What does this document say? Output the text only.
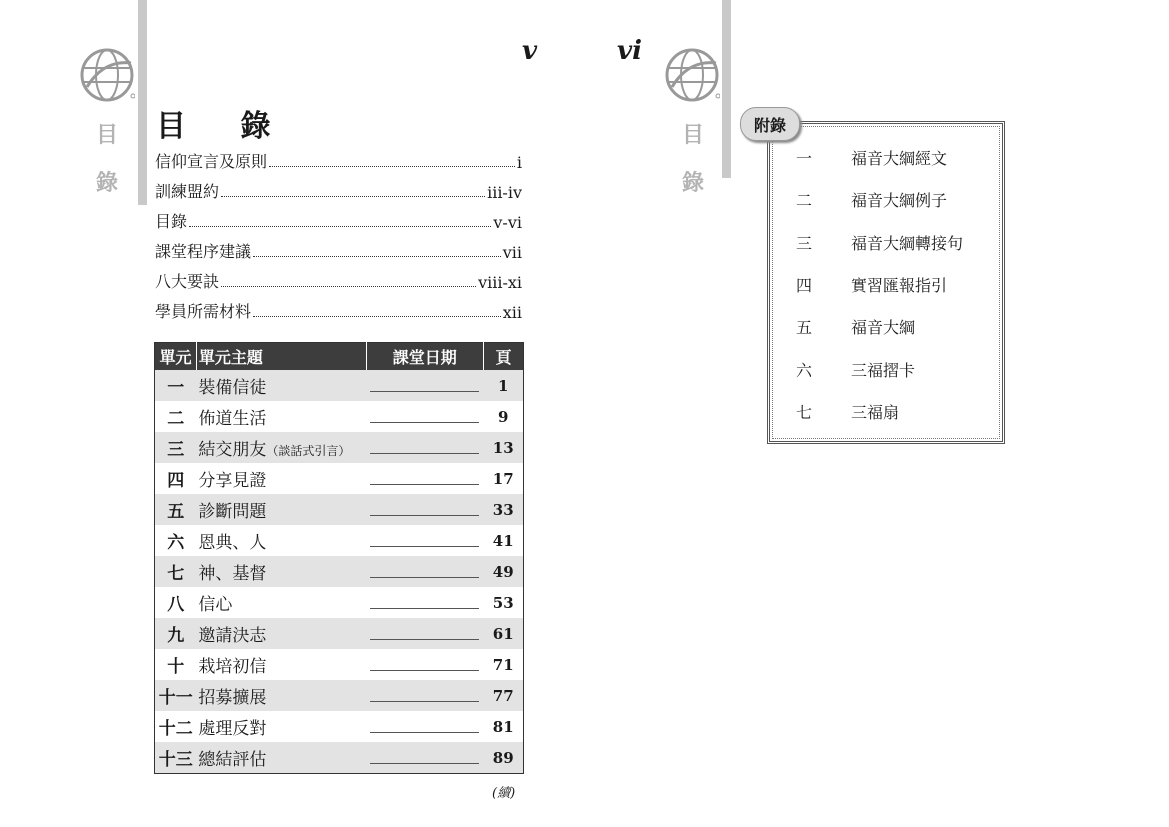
目
錄
v
目 錄
信仰宣言及原則	i
訓練盟約	iii-iv
目錄	v-vi
課堂程序建議	vii
八大要訣	viii-xi
學員所需材料	xii
單元	單元主題	課堂日期	頁
一	裝備信徒		1
二	佈道生活		9
三	結交朋友（談話式引言）		13
四	分享見證		17
五	診斷問題		33
六	恩典、人		41
七	神、基督		49
八	信心		53
九	邀請決志		61
十	栽培初信		71
十一	招募擴展		77
十二	處理反對		81
十三	總結評估		89
(續)
vi
目
錄
附錄
一 福音大綱經文
二 福音大綱例子
三 福音大綱轉接句
四 實習匯報指引
五 福音大綱
六 三福摺卡
七 三福扇
